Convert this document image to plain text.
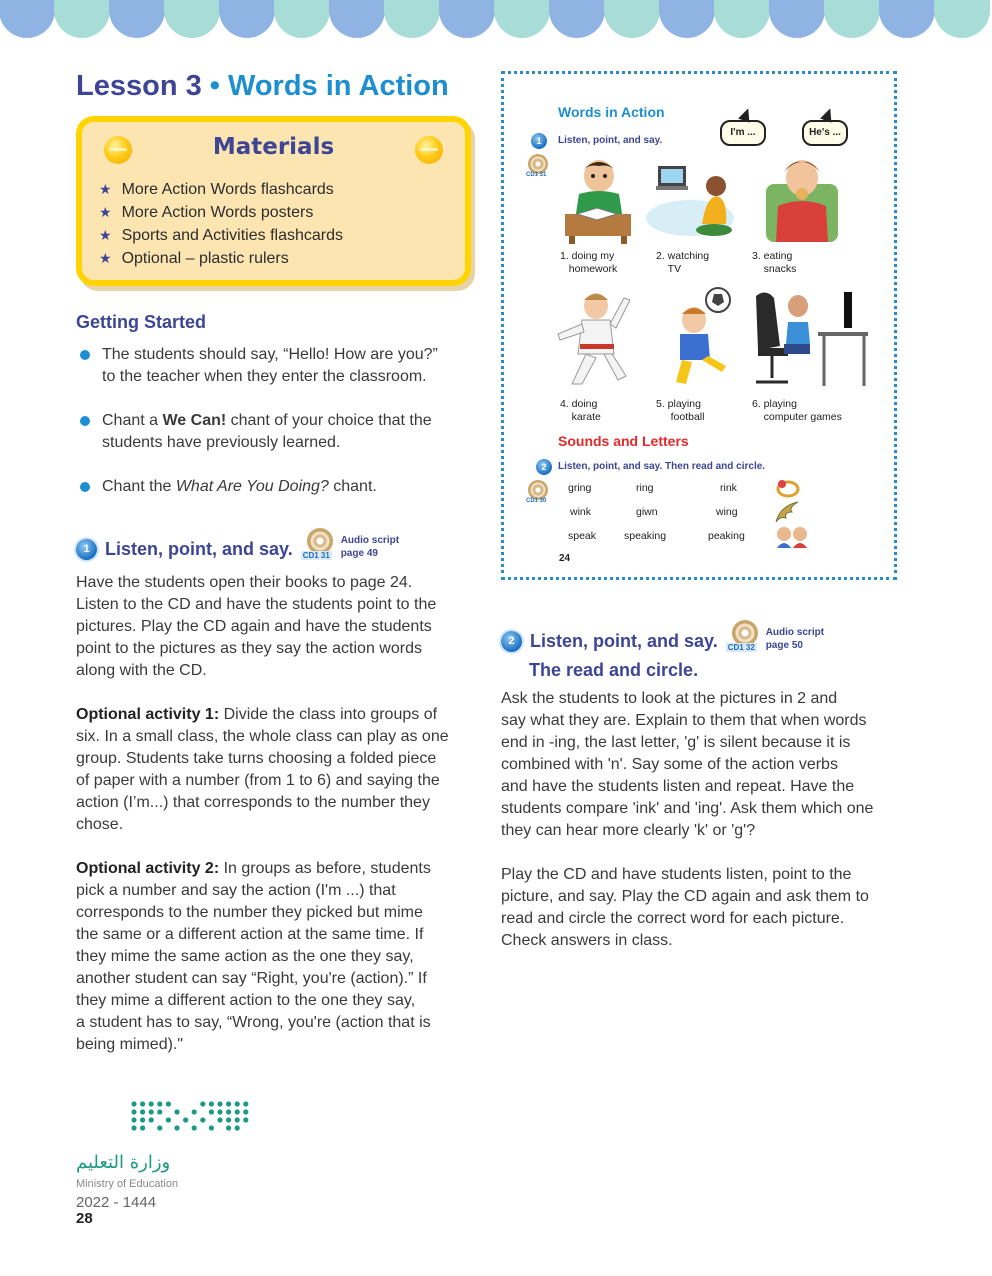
Lesson 3 • Words in Action
Materials
★ More Action Words flashcards
★ More Action Words posters
★ Sports and Activities flashcards
★ Optional – plastic rulers
Getting Started
The students should say, “Hello! How are you?”
to the teacher when they enter the classroom.
Chant a We Can! chant of your choice that the
students have previously learned.
Chant the What Are You Doing? chant.
1 Listen, point, and say. CD1 31
Audio script
page 49
Have the students open their books to page 24.
Listen to the CD and have the students point to the
pictures. Play the CD again and have the students
point to the pictures as they say the action words
along with the CD.
Optional activity 1: Divide the class into groups of
six. In a small class, the whole class can play as one
group. Students take turns choosing a folded piece
of paper with a number (from 1 to 6) and saying the
action (I’m...) that corresponds to the number they
chose.
Optional activity 2: In groups as before, students
pick a number and say the action (I'm ...) that
corresponds to the number they picked but mime
the same or a different action at the same time. If
they mime the same action as the one they say,
another student can say “Right, you're (action).” If
they mime a different action to the one they say,
a student has to say, “Wrong, you're (action that is
being mimed)."
Words in Action
1	Listen, point, and say.
I'm ...	He's ...
CD1 31
1. doing my
homework
2. watching
TV
3. eating
snacks
4. doing
karate
5. playing
football
6. playing
computer games
Sounds and Letters
2	Listen, point, and say. Then read and circle.
CD1 30
gring	ring	rink
wink	giwn	wing
speak	speaking	peaking
24
2 Listen, point, and say. CD1 32
Audio script
page 50
The read and circle.
Ask the students to look at the pictures in 2 and
say what they are. Explain to them that when words
end in -ing, the last letter, 'g' is silent because it is
combined with 'n'. Say some of the action verbs
and have the students listen and repeat. Have the
students compare 'ink' and 'ing'. Ask them which one
they can hear more clearly 'k' or 'g'?
Play the CD and have students listen, point to the
picture, and say. Play the CD again and ask them to
read and circle the correct word for each picture.
Check answers in class.
وزارة التعليم
Ministry of Education
2022 - 1444
28
